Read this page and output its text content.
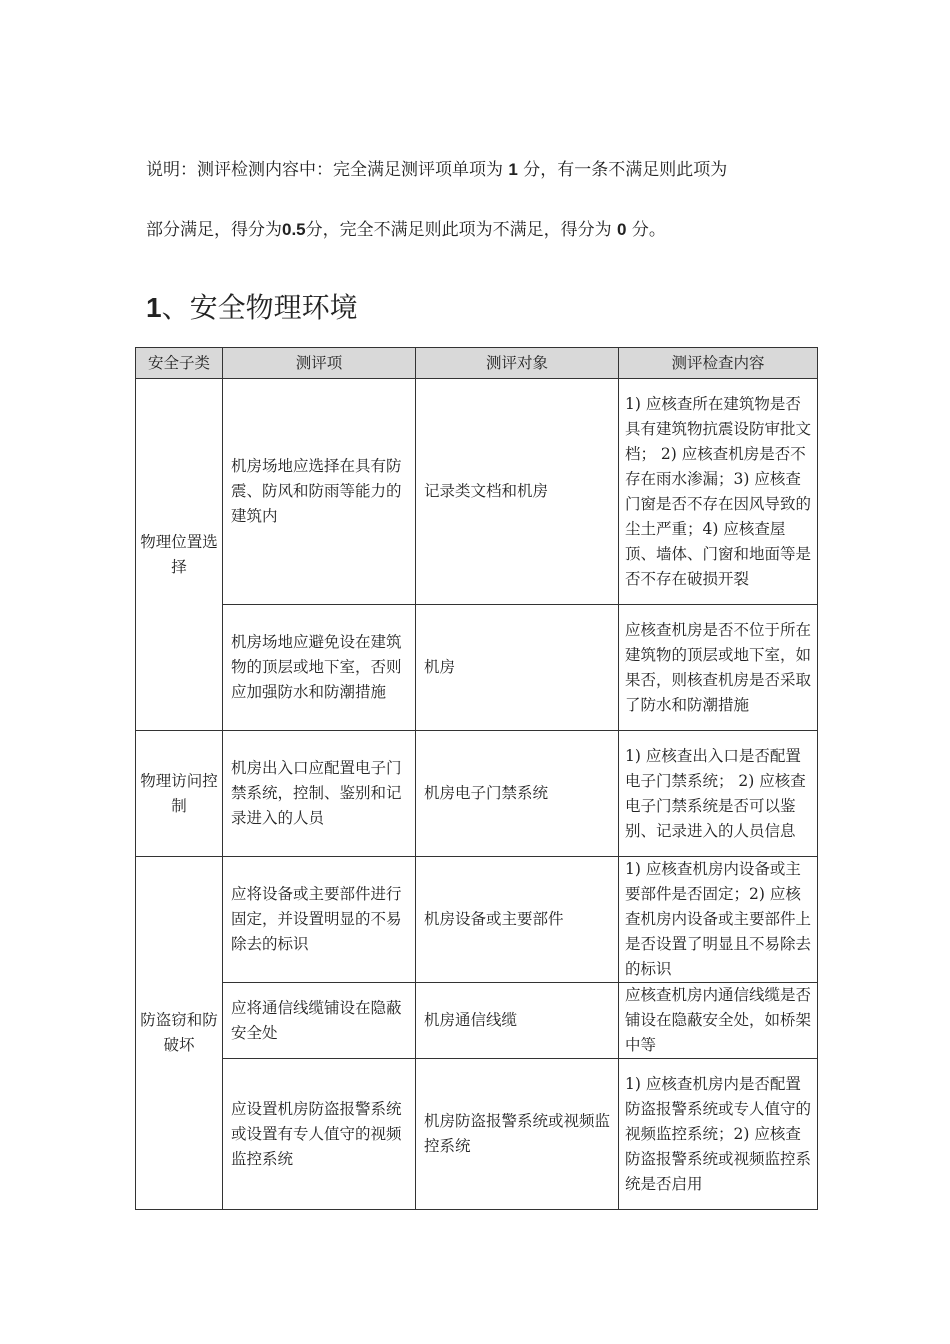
说明：测评检测内容中：完全满足测评项单项为 1 分，有一条不满足则此项为
部分满足，得分为0.5分，完全不满足则此项为不满足，得分为 0 分。
1、安全物理环境
安全子类	测评项	测评对象	测评检查内容
物理位置选择	机房场地应选择在具有防震、防风和防雨等能力的建筑内	记录类文档和机房	1) 应核查所在建筑物是否具有建筑物抗震设防审批文档； 2) 应核查机房是否不存在雨水渗漏；3) 应核查门窗是否不存在因风导致的尘土严重；4) 应核查屋顶、墙体、门窗和地面等是否不存在破损开裂
	机房场地应避免设在建筑物的顶层或地下室，否则应加强防水和防潮措施	机房	应核查机房是否不位于所在建筑物的顶层或地下室，如果否，则核查机房是否采取了防水和防潮措施
物理访问控制	机房出入口应配置电子门禁系统，控制、鉴别和记录进入的人员	机房电子门禁系统	1) 应核查出入口是否配置电子门禁系统； 2) 应核查电子门禁系统是否可以鉴别、记录进入的人员信息
防盗窃和防破坏	应将设备或主要部件进行固定，并设置明显的不易除去的标识	机房设备或主要部件	1) 应核查机房内设备或主要部件是否固定；2) 应核查机房内设备或主要部件上是否设置了明显且不易除去的标识
	应将通信线缆铺设在隐蔽安全处	机房通信线缆	应核查机房内通信线缆是否铺设在隐蔽安全处，如桥架中等
	应设置机房防盗报警系统或设置有专人值守的视频监控系统	机房防盗报警系统或视频监控系统	1) 应核查机房内是否配置防盗报警系统或专人值守的视频监控系统；2) 应核查防盗报警系统或视频监控系统是否启用
